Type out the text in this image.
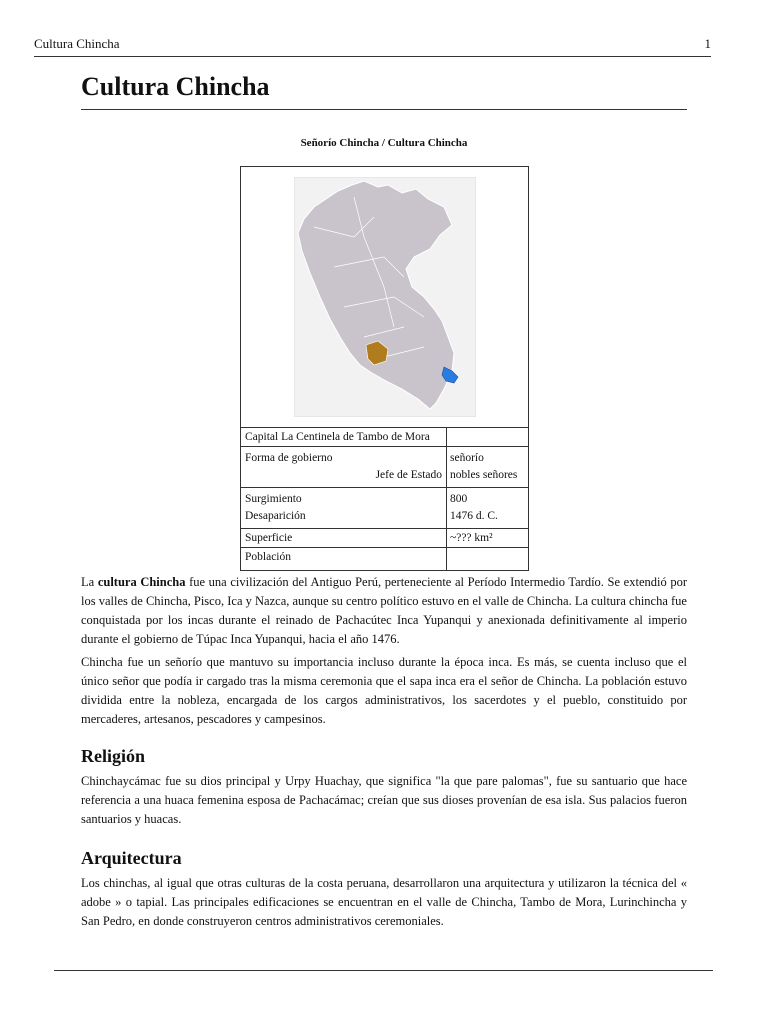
Cultura Chincha	1
Cultura Chincha
Señorío Chincha / Cultura Chincha
Capital La Centinela de Tambo de Mora
Forma de gobierno
Jefe de Estado
señorío
nobles señores
Surgimiento
Desaparición
800
1476 d. C.
Superficie	~??? km²
Población

La cultura Chincha fue una civilización del Antiguo Perú, perteneciente al Período Intermedio Tardío. Se extendió por los valles de Chincha, Pisco, Ica y Nazca, aunque su centro político estuvo en el valle de Chincha. La cultura chincha fue conquistada por los incas durante el reinado de Pachacútec Inca Yupanqui y anexionada definitivamente al imperio durante el gobierno de Túpac Inca Yupanqui, hacia el año 1476.

Chincha fue un señorío que mantuvo su importancia incluso durante la época inca. Es más, se cuenta incluso que el único señor que podía ir cargado tras la misma ceremonia que el sapa inca era el señor de Chincha. La población estuvo dividida entre la nobleza, encargada de los cargos administrativos, los sacerdotes y el pueblo, constituido por mercaderes, artesanos, pescadores y campesinos.

Religión

Chinchaycámac fue su dios principal y Urpy Huachay, que significa "la que pare palomas", fue su santuario que hace referencia a una huaca femenina esposa de Pachacámac; creían que sus dioses provenían de esa isla. Sus palacios fueron santuarios y huacas.

Arquitectura

Los chinchas, al igual que otras culturas de la costa peruana, desarrollaron una arquitectura y utilizaron la técnica del « adobe » o tapial. Las principales edificaciones se encuentran en el valle de Chincha, Tambo de Mora, Lurinchincha y San Pedro, en donde construyeron centros administrativos ceremoniales.
